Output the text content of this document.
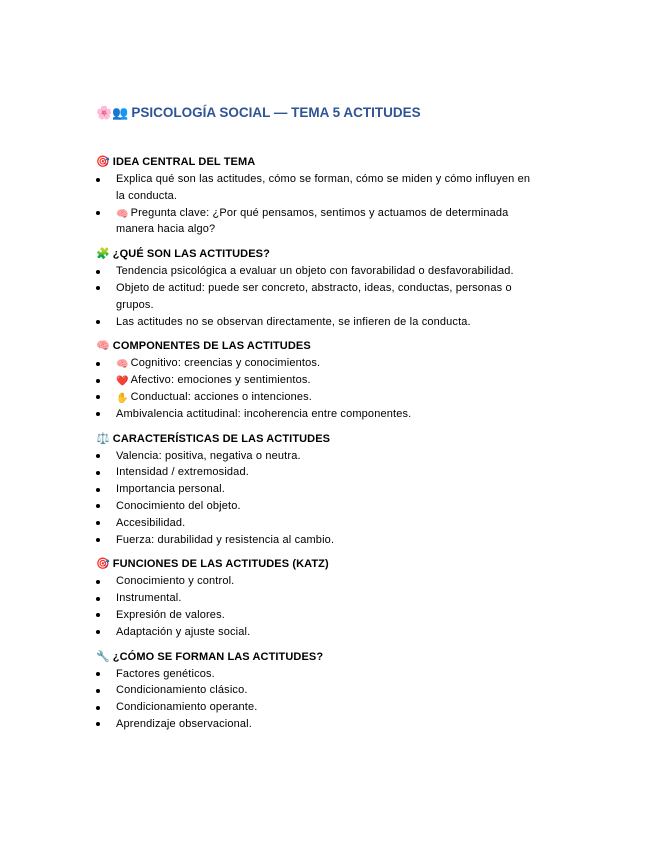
🌸👥 PSICOLOGÍA SOCIAL — TEMA 5 ACTITUDES
🎯 IDEA CENTRAL DEL TEMA
Explica qué son las actitudes, cómo se forman, cómo se miden y cómo influyen en la conducta.
🧠 Pregunta clave: ¿Por qué pensamos, sentimos y actuamos de determinada manera hacia algo?
🧩 ¿QUÉ SON LAS ACTITUDES?
Tendencia psicológica a evaluar un objeto con favorabilidad o desfavorabilidad.
Objeto de actitud: puede ser concreto, abstracto, ideas, conductas, personas o grupos.
Las actitudes no se observan directamente, se infieren de la conducta.
🧠 COMPONENTES DE LAS ACTITUDES
🧠 Cognitivo: creencias y conocimientos.
❤️ Afectivo: emociones y sentimientos.
✋ Conductual: acciones o intenciones.
Ambivalencia actitudinal: incoherencia entre componentes.
⚖️ CARACTERÍSTICAS DE LAS ACTITUDES
Valencia: positiva, negativa o neutra.
Intensidad / extremosidad.
Importancia personal.
Conocimiento del objeto.
Accesibilidad.
Fuerza: durabilidad y resistencia al cambio.
🎯 FUNCIONES DE LAS ACTITUDES (KATZ)
Conocimiento y control.
Instrumental.
Expresión de valores.
Adaptación y ajuste social.
🔧 ¿CÓMO SE FORMAN LAS ACTITUDES?
Factores genéticos.
Condicionamiento clásico.
Condicionamiento operante.
Aprendizaje observacional.
